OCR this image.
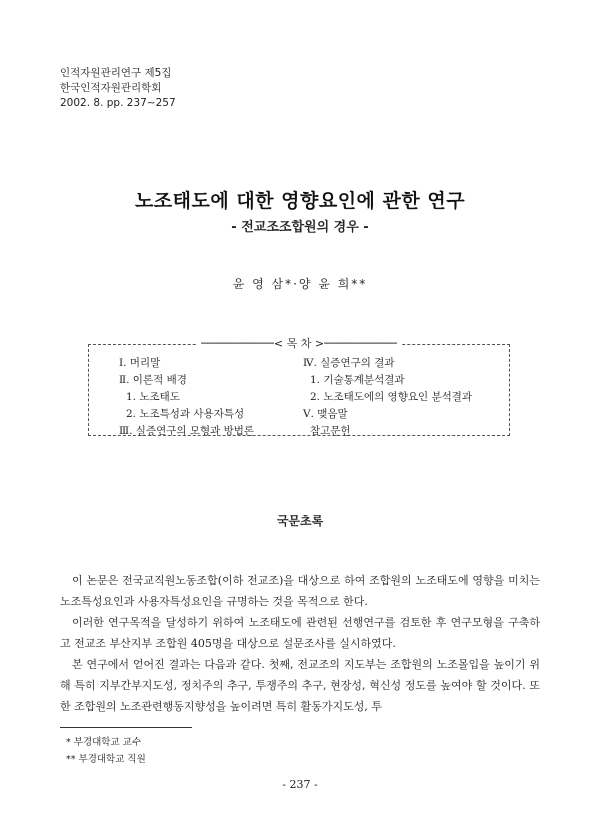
인적자원관리연구 제5집
한국인적자원관리학회
2002. 8. pp. 237∼257
노조태도에 대한 영향요인에 관한 연구
- 전교조조합원의 경우 -
윤 영 삼*·양 윤 희**
───────────< 목 차 >───────────
Ⅰ. 머리말
Ⅱ. 이론적 배경
1. 노조태도
2. 노조특성과 사용자특성
Ⅲ. 실증연구의 모형과 방법론
Ⅳ. 실증연구의 결과
1. 기술통계분석결과
2. 노조태도에의 영향요인 분석결과
Ⅴ. 맺음말
참고문헌
국문초록

이 논문은 전국교직원노동조합(이하 전교조)을 대상으로 하여 조합원의 노조태도에 영향을 미치는 노조특성요인과 사용자특성요인을 규명하는 것을 목적으로 한다.

이러한 연구목적을 달성하기 위하여 노조태도에 관련된 선행연구를 검토한 후 연구모형을 구축하고 전교조 부산지부 조합원 405명을 대상으로 설문조사를 실시하였다.

본 연구에서 얻어진 결과는 다음과 같다. 첫째, 전교조의 지도부는 조합원의 노조몰입을 높이기 위해 특히 지부간부지도성, 정치주의 추구, 투쟁주의 추구, 현장성, 혁신성 정도를 높여야 할 것이다. 또한 조합원의 노조관련행동지향성을 높이려면 특히 활동가지도성, 투

* 부경대학교 교수
** 부경대학교 직원
- 237 -
